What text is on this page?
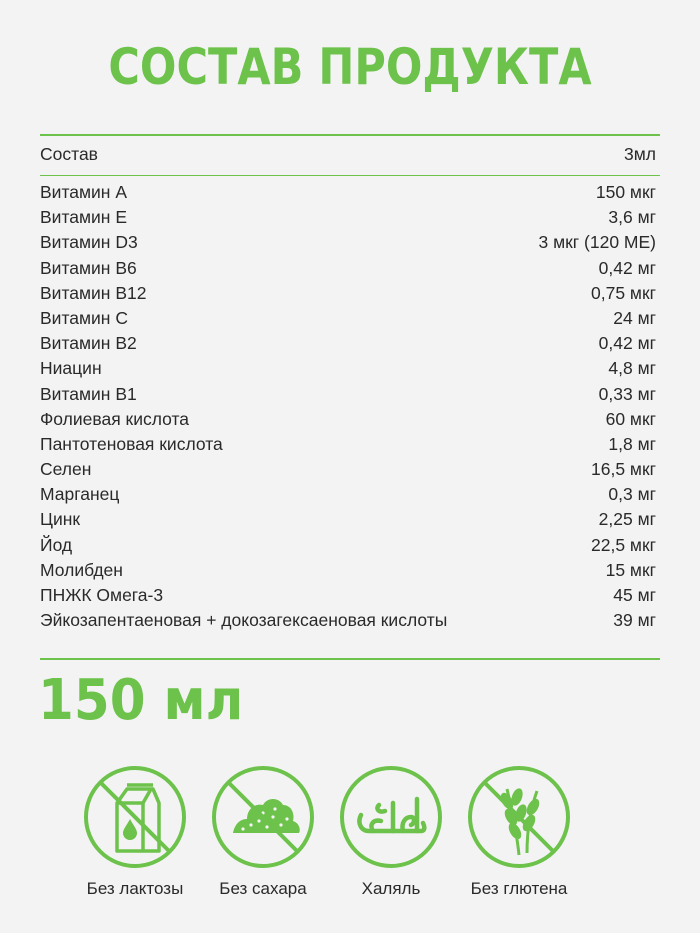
СОСТАВ ПРОДУКТА
Состав	3мл
Витамин А	150 мкг
Витамин Е	3,6 мг
Витамин D3	3 мкг (120 МЕ)
Витамин В6	0,42 мг
Витамин В12	0,75 мкг
Витамин С	24 мг
Витамин В2	0,42 мг
Ниацин	4,8 мг
Витамин В1	0,33 мг
Фолиевая кислота	60 мкг
Пантотеновая кислота	1,8 мг
Селен	16,5 мкг
Марганец	0,3 мг
Цинк	2,25 мг
Йод	22,5 мкг
Молибден	15 мкг
ПНЖК Омега-3	45 мг
Эйкозапентаеновая + докозагексаеновая кислоты	39 мг
150 мл
Без лактозы	Без сахара	Халяль	Без глютена
